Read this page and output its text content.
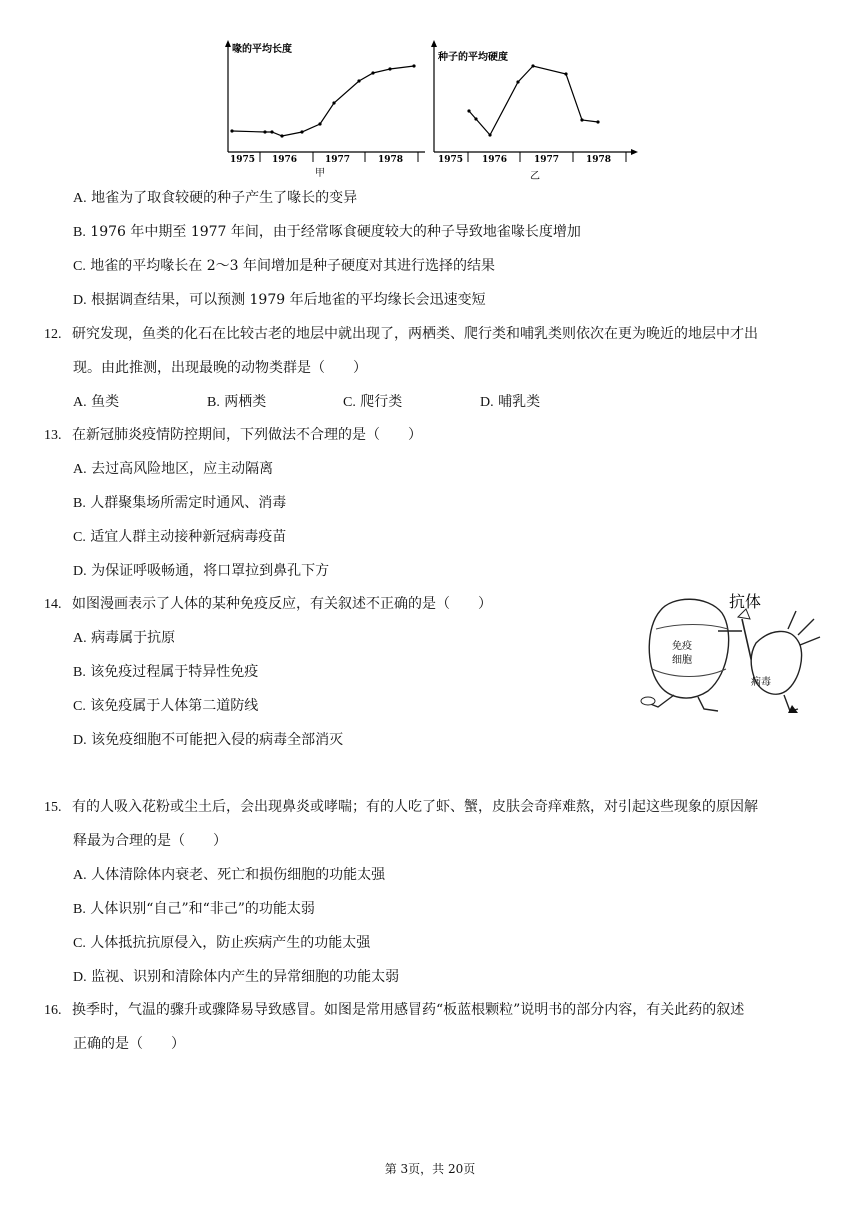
喙的平均长度
1975 1976	1977	1978
甲
种子的平均硬度
1975 1976	1977	1978
乙
A. 地雀为了取食较硬的种子产生了喙长的变异
B. 1976 年中期至 1977 年间，由于经常啄食硬度较大的种子导致地雀喙长度增加
C. 地雀的平均喙长在 2～3 年间增加是种子硬度对其进行选择的结果
D. 根据调查结果，可以预测 1979 年后地雀的平均缘长会迅速变短
12. 研究发现，鱼类的化石在比较古老的地层中就出现了，两栖类、爬行类和哺乳类则依次在更为晚近的地层中才出
现。由此推测，出现最晚的动物类群是（　　）
A. 鱼类	B. 两栖类	C. 爬行类	D. 哺乳类
13. 在新冠肺炎疫情防控期间，下列做法不合理的是（　　）
A. 去过高风险地区，应主动隔离
B. 人群聚集场所需定时通风、消毒
C. 适宜人群主动接种新冠病毒疫苗
D. 为保证呼吸畅通，将口罩拉到鼻孔下方
14. 如图漫画表示了人体的某种免疫反应，有关叙述不正确的是（　　）
A. 病毒属于抗原
B. 该免疫过程属于特异性免疫
C. 该免疫属于人体第二道防线
D. 该免疫细胞不可能把入侵的病毒全部消灭
抗体
免疫
细胞
病毒
15. 有的人吸入花粉或尘土后，会出现鼻炎或哮喘；有的人吃了虾、蟹，皮肤会奇痒难熬，对引起这些现象的原因解
释最为合理的是（　　）
A. 人体清除体内衰老、死亡和损伤细胞的功能太强
B. 人体识别“自己”和“非己”的功能太弱
C. 人体抵抗抗原侵入，防止疾病产生的功能太强
D. 监视、识别和清除体内产生的异常细胞的功能太弱
16. 换季时，气温的骤升或骤降易导致感冒。如图是常用感冒药“板蓝根颗粒”说明书的部分内容，有关此药的叙述
正确的是（　　）
第 3页，共 20页
